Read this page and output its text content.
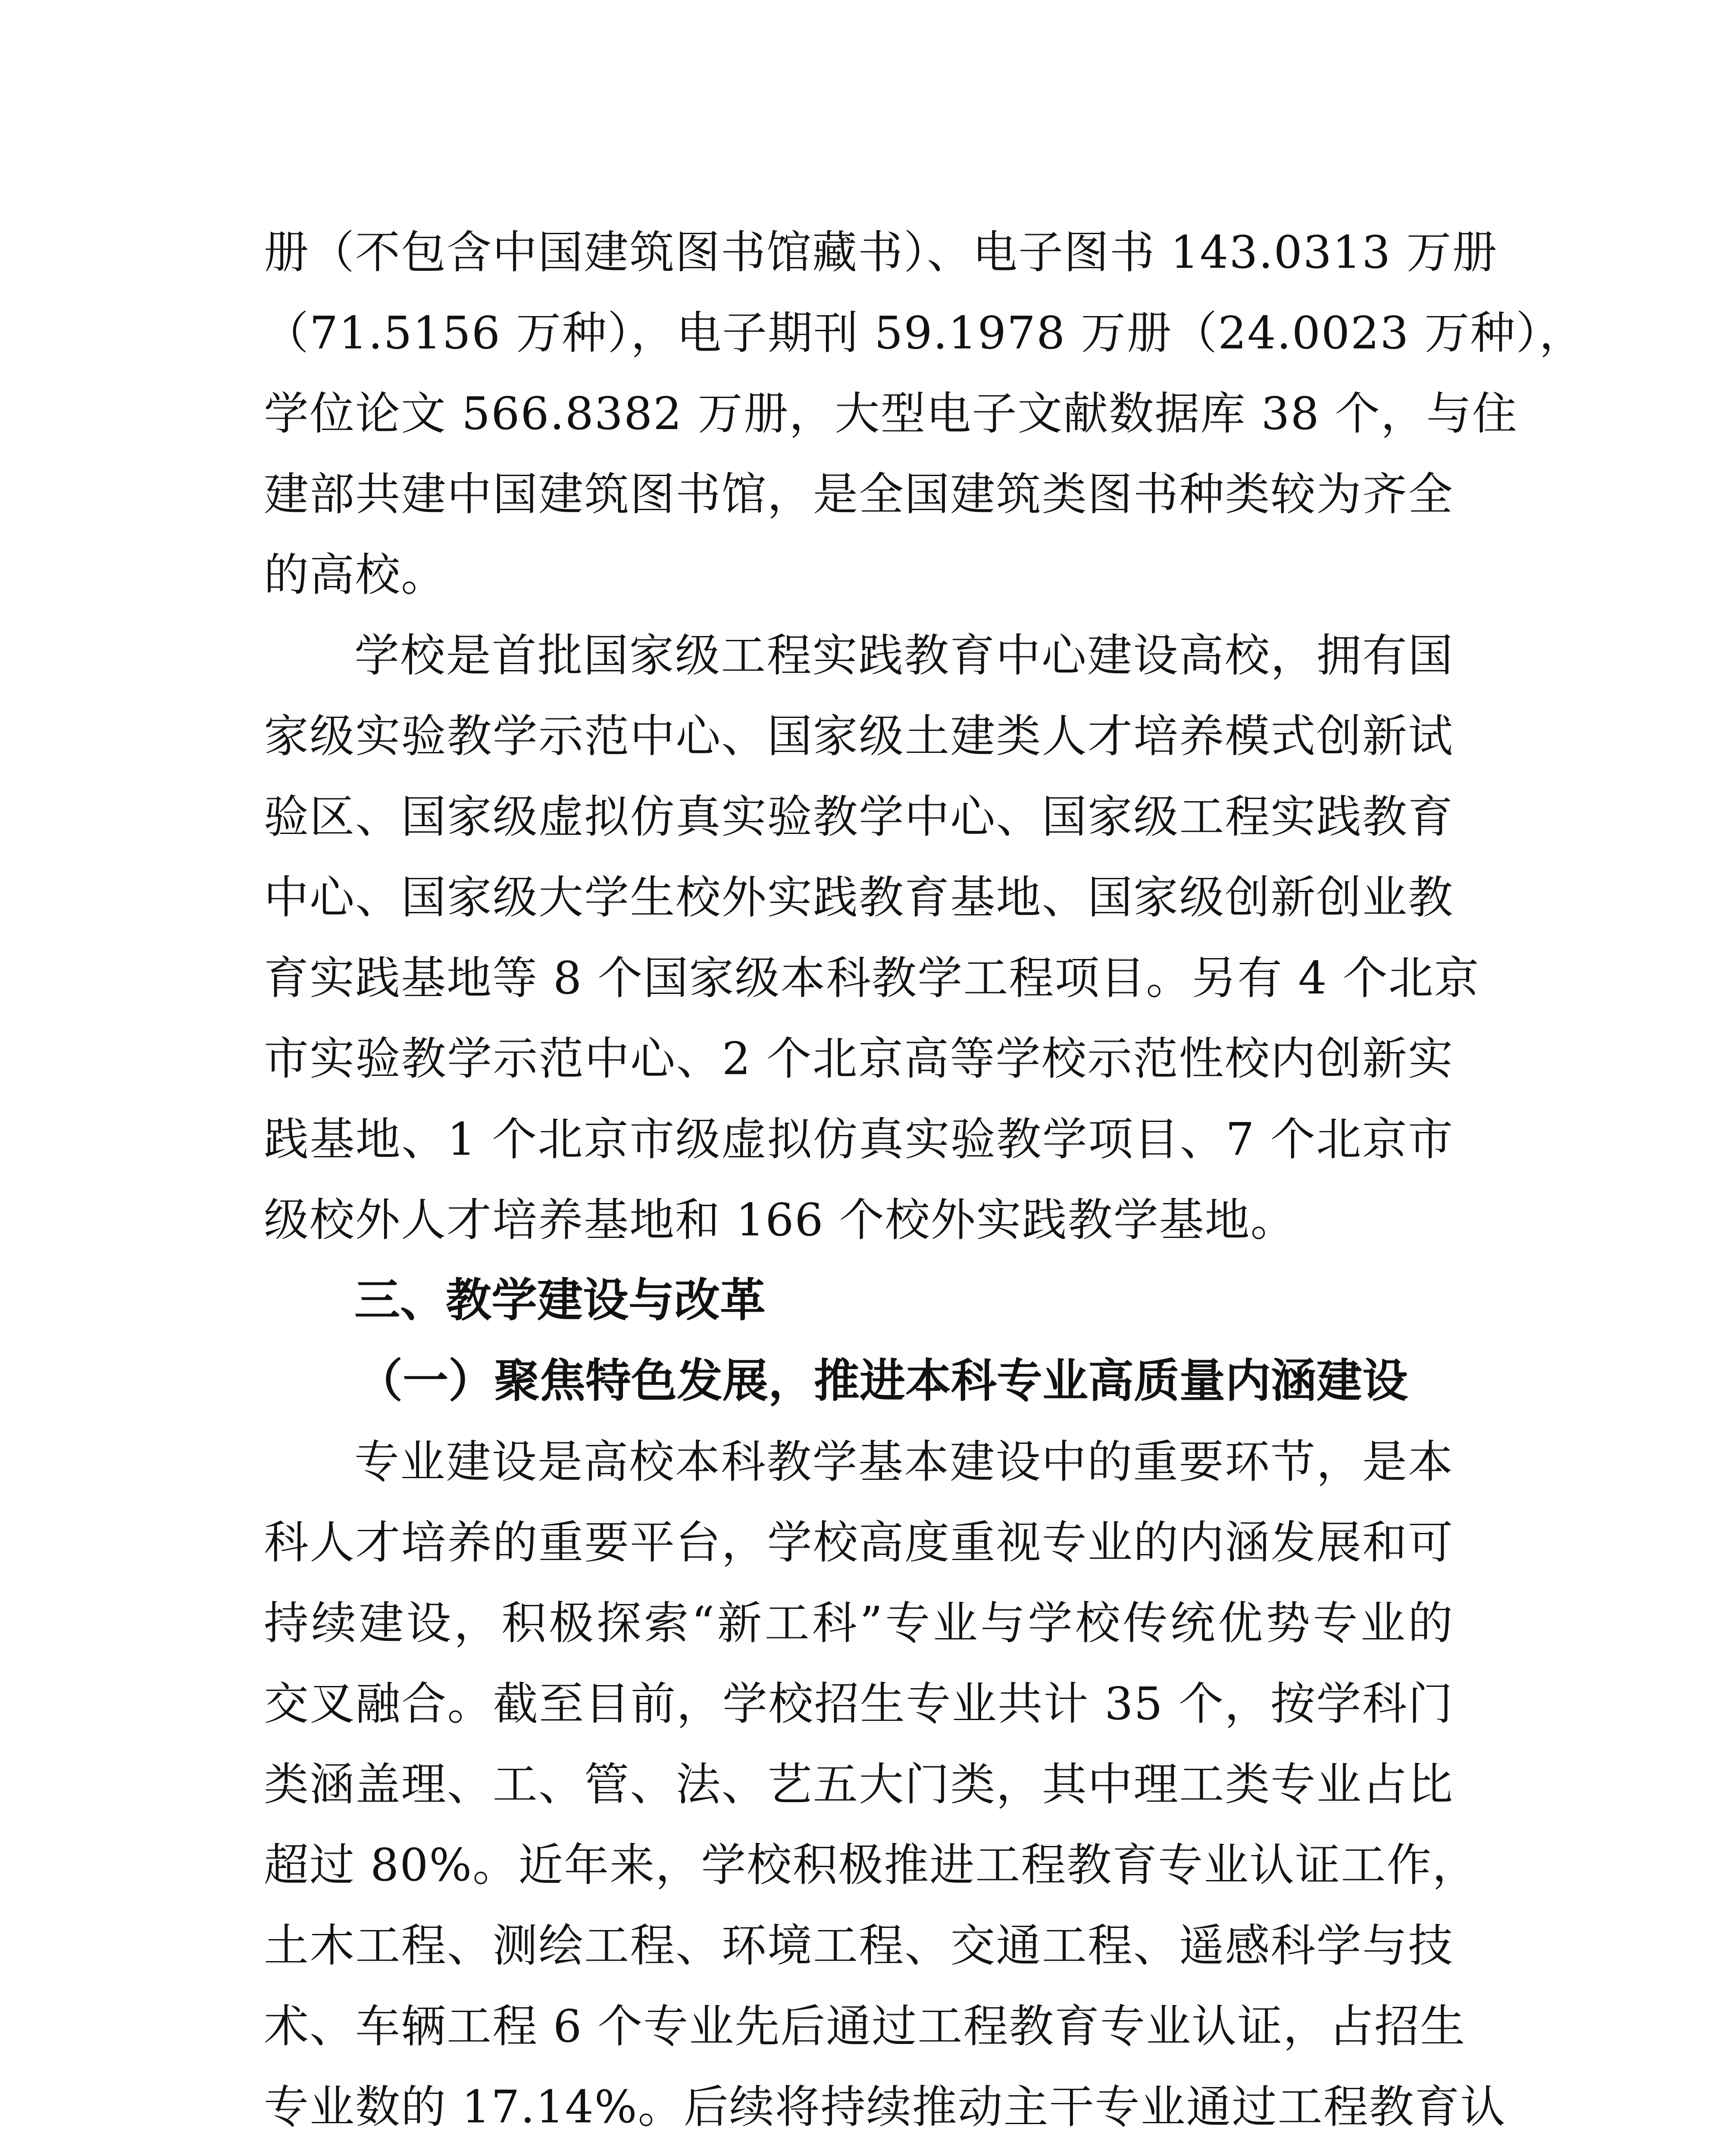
册（不包含中国建筑图书馆藏书）、电子图书 143.0313 万册
（71.5156 万种），电子期刊 59.1978 万册（24.0023 万种），
学位论文 566.8382 万册，大型电子文献数据库 38 个，与住
建部共建中国建筑图书馆，是全国建筑类图书种类较为齐全
的高校。
学校是首批国家级工程实践教育中心建设高校，拥有国
家级实验教学示范中心、国家级土建类人才培养模式创新试
验区、国家级虚拟仿真实验教学中心、国家级工程实践教育
中心、国家级大学生校外实践教育基地、国家级创新创业教
育实践基地等 8 个国家级本科教学工程项目。另有 4 个北京
市实验教学示范中心、2 个北京高等学校示范性校内创新实
践基地、1 个北京市级虚拟仿真实验教学项目、7 个北京市
级校外人才培养基地和 166 个校外实践教学基地。
三、教学建设与改革
（一）聚焦特色发展，推进本科专业高质量内涵建设
专业建设是高校本科教学基本建设中的重要环节，是本
科人才培养的重要平台，学校高度重视专业的内涵发展和可
持续建设，积极探索“新工科”专业与学校传统优势专业的
交叉融合。截至目前，学校招生专业共计 35 个，按学科门
类涵盖理、工、管、法、艺五大门类，其中理工类专业占比
超过 80%。近年来，学校积极推进工程教育专业认证工作，
土木工程、测绘工程、环境工程、交通工程、遥感科学与技
术、车辆工程 6 个专业先后通过工程教育专业认证，占招生
专业数的 17.14%。后续将持续推动主干专业通过工程教育认
